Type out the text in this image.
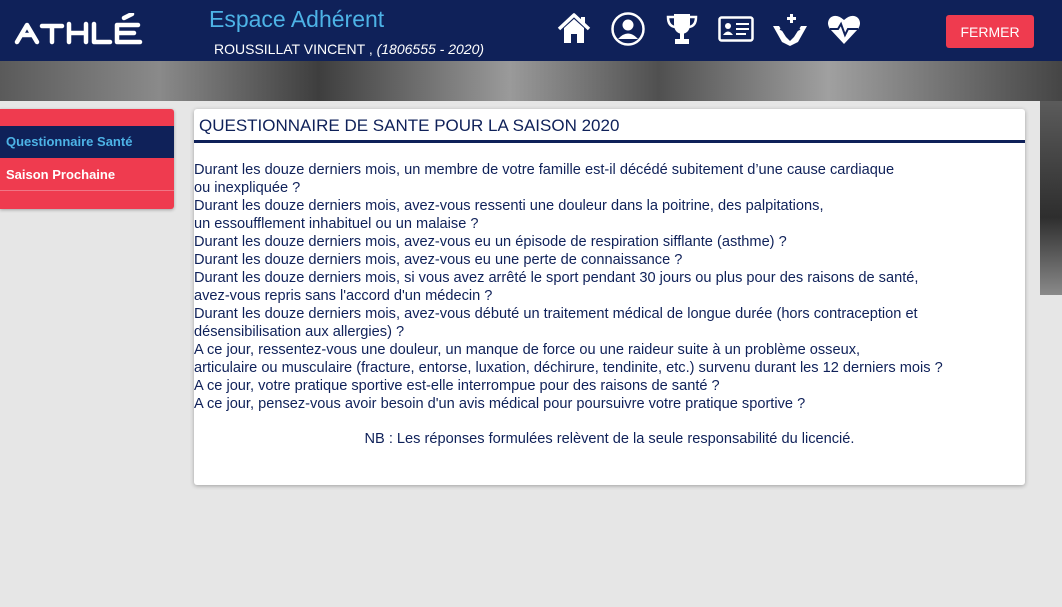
Espace Adhérent
ROUSSILLAT VINCENT , (1806555 - 2020)
FERMER
Questionnaire Santé
Saison Prochaine
QUESTIONNAIRE DE SANTE POUR LA SAISON 2020
Durant les douze derniers mois, un membre de votre famille est-il décédé subitement d’une cause cardiaque
ou inexpliquée ?
Durant les douze derniers mois, avez-vous ressenti une douleur dans la poitrine, des palpitations,
un essoufflement inhabituel ou un malaise ?
Durant les douze derniers mois, avez-vous eu un épisode de respiration sifflante (asthme) ?
Durant les douze derniers mois, avez-vous eu une perte de connaissance ?
Durant les douze derniers mois, si vous avez arrêté le sport pendant 30 jours ou plus pour des raisons de santé,
avez-vous repris sans l'accord d'un médecin ?
Durant les douze derniers mois, avez-vous débuté un traitement médical de longue durée (hors contraception et
désensibilisation aux allergies) ?
A ce jour, ressentez-vous une douleur, un manque de force ou une raideur suite à un problème osseux,
articulaire ou musculaire (fracture, entorse, luxation, déchirure, tendinite, etc.) survenu durant les 12 derniers mois ?
A ce jour, votre pratique sportive est-elle interrompue pour des raisons de santé ?
A ce jour, pensez-vous avoir besoin d'un avis médical pour poursuivre votre pratique sportive ?
NB : Les réponses formulées relèvent de la seule responsabilité du licencié.
